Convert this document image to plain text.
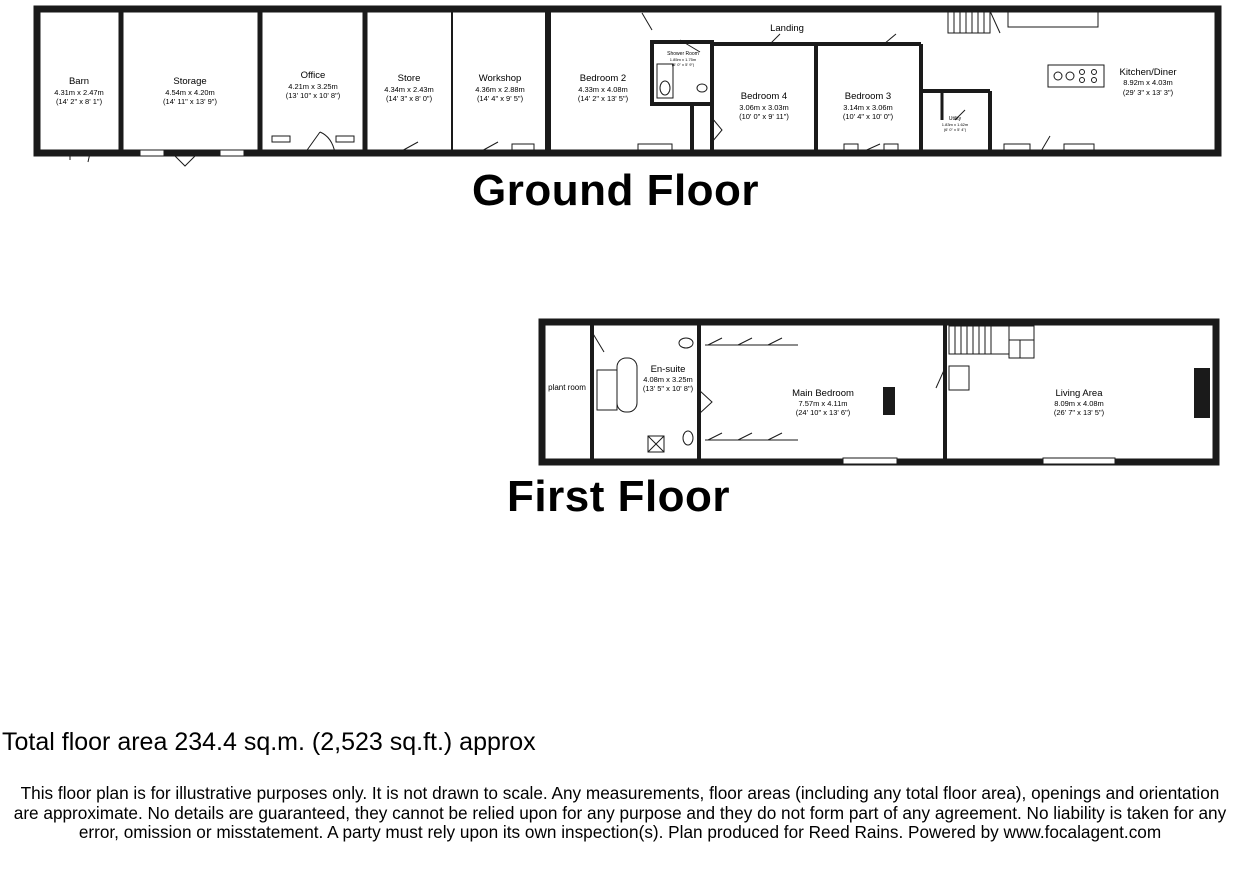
Barn
4.31m x 2.47m
(14' 2" x 8' 1")
Storage
4.54m x 4.20m
(14' 11" x 13' 9")
Office
4.21m x 3.25m
(13' 10" x 10' 8")
Store
4.34m x 2.43m
(14' 3" x 8' 0")
Workshop
4.36m x 2.88m
(14' 4" x 9' 5")
Bedroom 2
4.33m x 4.08m
(14' 2" x 13' 5")
Shower Room
1.85m x 1.75m
(6' 0" x 5' 9")
Bedroom 4
3.06m x 3.03m
(10' 0" x 9' 11")
Bedroom 3
3.14m x 3.06m
(10' 4" x 10' 0")	Utility
1.83m x 1.62m
(6' 0" x 5' 4")
Kitchen/Diner
8.92m x 4.03m
(29' 3" x 13' 3")
Landing
plant room
En-suite
4.08m x 3.25m
(13' 5" x 10' 8")	Main Bedroom
7.57m x 4.11m
(24' 10" x 13' 6")
Living Area
8.09m x 4.08m
(26' 7" x 13' 5")
Ground Floor
First Floor
Total floor area 234.4 sq.m. (2,523 sq.ft.) approx
This floor plan is for illustrative purposes only. It is not drawn to scale. Any measurements, floor areas (including any total floor area), openings and orientation are approximate. No details are guaranteed, they cannot be relied upon for any purpose and they do not form part of any agreement. No liability is taken for any error, omission or misstatement. A party must rely upon its own inspection(s). Plan produced for Reed Rains. Powered by www.focalagent.com
